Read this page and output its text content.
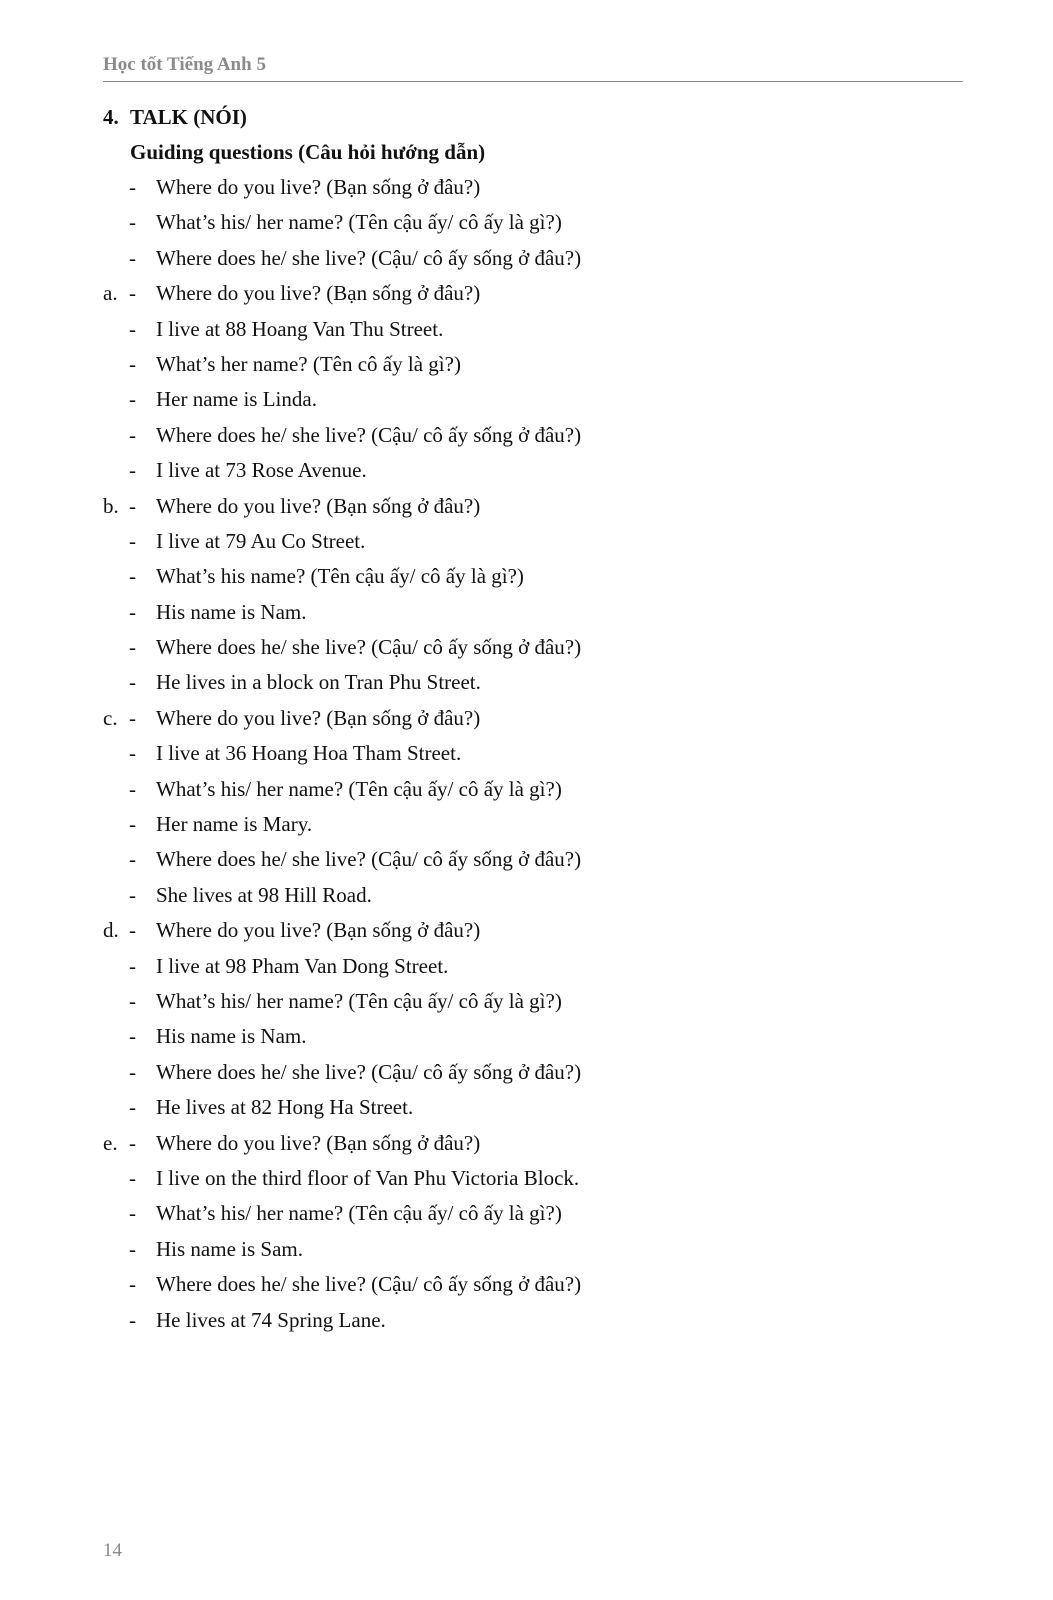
Học tốt Tiếng Anh 5
4. TALK (NÓI)
Guiding questions (Câu hỏi hướng dẫn)
- Where do you live? (Bạn sống ở đâu?)
- What’s his/ her name? (Tên cậu ấy/ cô ấy là gì?)
- Where does he/ she live? (Cậu/ cô ấy sống ở đâu?)
a. - Where do you live? (Bạn sống ở đâu?)
- I live at 88 Hoang Van Thu Street.
- What’s her name? (Tên cô ấy là gì?)
- Her name is Linda.
- Where does he/ she live? (Cậu/ cô ấy sống ở đâu?)
- I live at 73 Rose Avenue.
b. - Where do you live? (Bạn sống ở đâu?)
- I live at 79 Au Co Street.
- What’s his name? (Tên cậu ấy/ cô ấy là gì?)
- His name is Nam.
- Where does he/ she live? (Cậu/ cô ấy sống ở đâu?)
- He lives in a block on Tran Phu Street.
c. - Where do you live? (Bạn sống ở đâu?)
- I live at 36 Hoang Hoa Tham Street.
- What’s his/ her name? (Tên cậu ấy/ cô ấy là gì?)
- Her name is Mary.
- Where does he/ she live? (Cậu/ cô ấy sống ở đâu?)
- She lives at 98 Hill Road.
d. - Where do you live? (Bạn sống ở đâu?)
- I live at 98 Pham Van Dong Street.
- What’s his/ her name? (Tên cậu ấy/ cô ấy là gì?)
- His name is Nam.
- Where does he/ she live? (Cậu/ cô ấy sống ở đâu?)
- He lives at 82 Hong Ha Street.
e. - Where do you live? (Bạn sống ở đâu?)
- I live on the third floor of Van Phu Victoria Block.
- What’s his/ her name? (Tên cậu ấy/ cô ấy là gì?)
- His name is Sam.
- Where does he/ she live? (Cậu/ cô ấy sống ở đâu?)
- He lives at 74 Spring Lane.
14
